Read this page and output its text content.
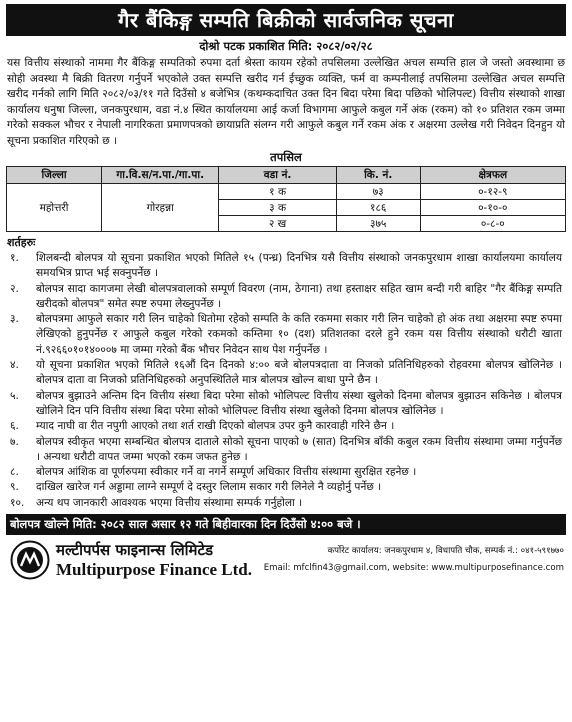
गैर बैंकिङ्ग सम्पति बिक्रीको सार्वजनिक सूचना
दोश्रो पटक प्रकाशित मिति: २०८२/०२/२८

यस वित्तीय संस्थाको नाममा गैर बैंकिङ्ग सम्पतिको रुपमा दर्ता श्रेस्ता कायम रहेको तपसिलमा उल्लेखित अचल सम्पत्ति हाल जे जस्तो अवस्थामा छ सोही अवस्था मै बिक्री वितरण गर्नुपर्ने भएकोले उक्त सम्पत्ति खरीद गर्न ईच्छुक व्यक्ति, फर्म वा कम्पनीलाई तपसिलमा उल्लेखित अचल सम्पत्ति खरीद गर्नको लागि मिति २०८२/०३/११ गते दिउँसो ४ बजेभित्र (कथम्कदाचित उक्त दिन बिदा परेमा बिदा पछिको भोलिपल्ट) वित्तीय संस्थाको शाखा कार्यालय धनुषा जिल्ला, जनकपुरधाम, वडा नं.४ स्थित कार्यालयमा आई कर्जा विभागमा आफुले कबुल गर्ने अंक (रकम) को १० प्रतिशत रकम जम्मा गरेको सक्कल भौचर र नेपाली नागरिकता प्रमाणपत्रको छायाप्रति संलग्न गरी आफुले कबुल गर्ने रकम अंक र अक्षरमा उल्लेख गरी निवेदन दिनहुन यो सूचना प्रकाशित गरिएको छ ।

तपसिल
जिल्ला	गा.वि.स/न.पा./गा.पा.	वडा नं.	कि. नं.	क्षेत्रफल
महोत्तरी	गोरहन्ना	१ क	७३	०-१२-९
		३ क	१८६	०-१०-०
		२ ख	३७५	०-८-०
शर्तहरुः
१.	शिलबन्दी बोलपत्र यो सूचना प्रकाशित भएको मितिले १५ (पन्ध्र) दिनभित्र यसै वित्तीय संस्थाको जनकपुरधाम शाखा कार्यालयमा कार्यालय समयभित्र प्राप्त भई सक्नुपर्नेछ ।
२.	बोलपत्र सादा कागजमा लेखी बोलपत्रवालाको सम्पूर्ण विवरण (नाम, ठेगाना) तथा हस्ताक्षर सहित खाम बन्दी गरी बाहिर "गैर बैंकिङ्ग सम्पति खरीदको बोलपत्र" समेत स्पष्ट रुपमा लेख्नुपर्नेछ ।
३.	बोलपत्रमा आफुले सकार गरी लिन चाहेको धितोमा रहेको सम्पति के कति रकममा सकार गरी लिन चाहेको हो अंक तथा अक्षरमा स्पष्ट रुपमा लेखिएको हुनुपर्नेछ र आफुले कबुल गरेको रकमको कम्तिमा १० (दश) प्रतिशतका दरले हुने रकम यस वित्तीय संस्थाको धरौटी खाता नं.९२६६०१०१४०००७ मा जम्मा गरेको बैंक भौचर निवेदन साथ पेश गर्नुपर्नेछ ।
४.	यो सूचना प्रकाशित भएको मितिले १६औं दिन दिनको ४:०० बजे बोलपत्रदाता वा निजको प्रतिनिधिहरुको रोहवरमा बोलपत्र खोलिनेछ । बोलपत्र दाता वा निजको प्रतिनिधिहरुको अनुपस्थितिले मात्र बोलपत्र खोल्न बाधा पुग्ने छैन ।
५.	बोलपत्र बुझाउने अन्तिम दिन वित्तीय संस्था बिदा परेमा सोको भोलिपल्ट वित्तीय संस्था खुलेको दिनमा बोलपत्र बुझाउन सकिनेछ । बोलपत्र खोलिने दिन पनि वित्तीय संस्था बिदा परेमा सोको भोलिपल्ट वित्तीय संस्था खुलेको दिनमा बोलपत्र खोलिनेछ ।
६.	म्याद नाघी वा रीत नपुगी आएको तथा शर्त राखी दिएको बोलपत्र उपर कुनै कारवाही गरिने छैन ।
७.	बोलपत्र स्वीकृत भएमा सम्बन्धित बोलपत्र दाताले सोको सूचना पाएको ७ (सात) दिनभित्र बाँकी कबुल रकम वित्तीय संस्थामा जम्मा गर्नुपर्नेछ । अन्यथा धरौटी वापत जम्मा भएको रकम जफत हुनेछ ।
८.	बोलपत्र आंशिक वा पूर्णरुपमा स्वीकार गर्ने वा नगर्ने सम्पूर्ण अधिकार वित्तीय संस्थामा सुरक्षित रहनेछ ।
९.	दाखिल खारेज गर्न अड्डामा लाग्ने सम्पूर्ण दे दस्तुर लिलाम सकार गरी लिनेले नै व्यहोर्नु पर्नेछ ।
१०.	अन्य थप जानकारी आवश्यक भएमा वित्तीय संस्थामा सम्पर्क गर्नुहोला ।
बोलपत्र खोल्ने मिति: २०८२ साल असार १२ गते बिहीवारका दिन दिउँसो ४:०० बजे ।
मल्टीपर्पस फाइनान्स लिमिटेड
Multipurpose Finance Ltd.
कर्पोरेट कार्यालय: जनकपुरधाम ४, विधापति चौक, सम्पर्क नं.: ०४१-५९१७७०
Email: mfclfin43@gmail.com, website: www.multipurposefinance.com
